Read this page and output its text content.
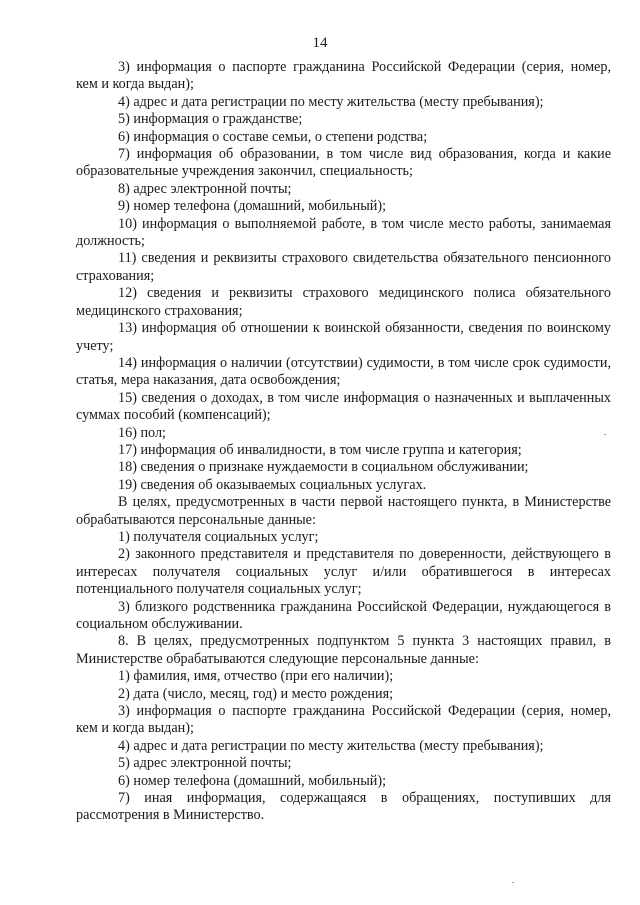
14

3) информация о паспорте гражданина Российской Федерации (серия, номер, кем и когда выдан);

4) адрес и дата регистрации по месту жительства (месту пребывания);

5) информация о гражданстве;

6) информация о составе семьи, о степени родства;

7) информация об образовании, в том числе вид образования, когда и какие образовательные учреждения закончил, специальность;

8) адрес электронной почты;

9) номер телефона (домашний, мобильный);

10) информация о выполняемой работе, в том числе место работы, занимаемая должность;

11) сведения и реквизиты страхового свидетельства обязательного пенсионного страхования;

12) сведения и реквизиты страхового медицинского полиса обязательного медицинского страхования;

13) информация об отношении к воинской обязанности, сведения по воинскому учету;

14) информация о наличии (отсутствии) судимости, в том числе срок судимости, статья, мера наказания, дата освобождения;

15) сведения о доходах, в том числе информация о назначенных и выплаченных суммах пособий (компенсаций);

16) пол;

17) информация об инвалидности, в том числе группа и категория;

18) сведения о признаке нуждаемости в социальном обслуживании;

19) сведения об оказываемых социальных услугах.

В целях, предусмотренных в части первой настоящего пункта, в Министерстве обрабатываются персональные данные:

1) получателя социальных услуг;

2) законного представителя и представителя по доверенности, действующего в интересах получателя социальных услуг и/или обратившегося в интересах потенциального получателя социальных услуг;

3) близкого родственника гражданина Российской Федерации, нуждающегося в социальном обслуживании.

8. В целях, предусмотренных подпунктом 5 пункта 3 настоящих правил, в Министерстве обрабатываются следующие персональные данные:

1) фамилия, имя, отчество (при его наличии);

2) дата (число, месяц, год) и место рождения;

3) информация о паспорте гражданина Российской Федерации (серия, номер, кем и когда выдан);

4) адрес и дата регистрации по месту жительства (месту пребывания);

5) адрес электронной почты;

6) номер телефона (домашний, мобильный);

7) иная информация, содержащаяся в обращениях, поступивших для рассмотрения в Министерство.
